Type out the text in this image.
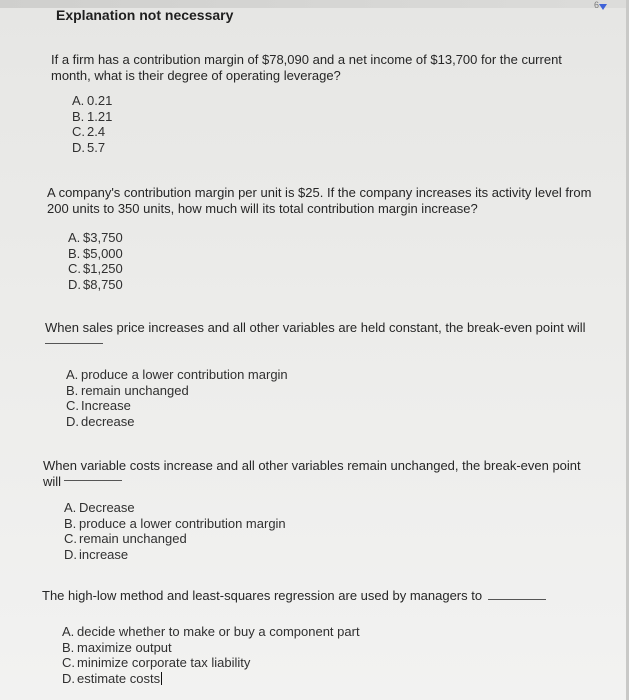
6
Explanation not necessary
If a firm has a contribution margin of $78,090 and a net income of $13,700 for the current month, what is their degree of operating leverage?
A. 0.21
B. 1.21
C. 2.4
D. 5.7
A company's contribution margin per unit is $25. If the company increases its activity level from 200 units to 350 units, how much will its total contribution margin increase?
A. $3,750
B. $5,000
C. $1,250
D. $8,750
When sales price increases and all other variables are held constant, the break-even point will
A. produce a lower contribution margin
B. remain unchanged
C. Increase
D. decrease
When variable costs increase and all other variables remain unchanged, the break-even point will
A. Decrease
B. produce a lower contribution margin
C. remain unchanged
D. increase
The high-low method and least-squares regression are used by managers to
A. decide whether to make or buy a component part
B. maximize output
C. minimize corporate tax liability
D. estimate costs
